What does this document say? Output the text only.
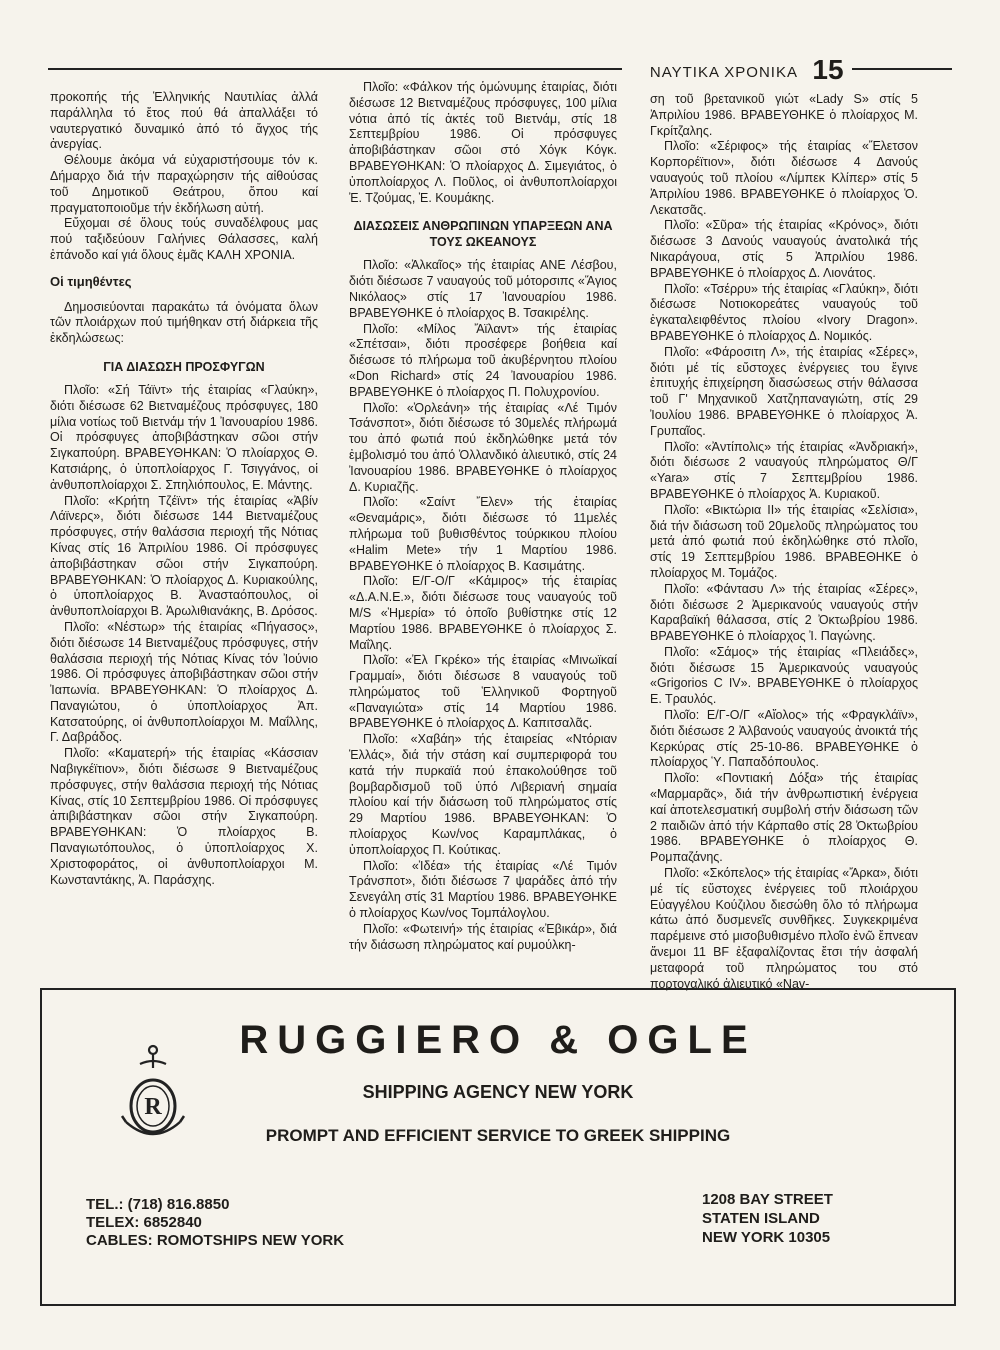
ΝΑΥΤΙΚΑ ΧΡΟΝΙΚΑ 15

προκοπής τής Ἑλληνικής Ναυτιλίας ἀλλά παράλληλα τό ἔτος πού θά ἀπαλλάξει τό ναυτεργατικό δυναμικό ἀπό τό ἄγχος τής ἀνεργίας.

Θέλουμε ἀκόμα νά εὐχαριστήσουμε τόν κ. Δήμαρχο διά τήν παραχώρησιν τής αἰθούσας τοῦ Δημοτικοῦ Θεάτρου, ὅπου καί πραγματοποιοῦμε τήν ἐκδήλωση αὐτή.

Εὔχομαι σέ ὅλους τούς συναδέλφους μας πού ταξιδεύουν Γαλήνιες Θάλασσες, καλή ἐπάνοδο καί γιά ὅλους ἐμᾶς ΚΑΛΗ ΧΡΟΝΙΑ.

Οἱ τιμηθέντες

Δημοσιεύονται παρακάτω τά ὀνόματα ὅλων τῶν πλοιάρχων πού τιμήθηκαν στή διάρκεια τῆς ἐκδηλώσεως:

ΓΙΑ ΔΙΑΣΩΣΗ ΠΡΟΣΦΥΓΩΝ

Πλοῖο: «Σή Τάϊντ» τής ἑταιρίας «Γλαύκη», διότι διέσωσε 62 Βιετναμέζους πρόσφυγες, 180 μίλια νοτίως τοῦ Βιετνάμ τήν 1 Ἰανουαρίου 1986. Οἱ πρόσφυγες ἀποβιβάστηκαν σῶοι στήν Σιγκαπούρη. ΒΡΑΒΕΥΘΗΚΑΝ: Ὁ πλοίαρχος Θ. Κατσιάρης, ὁ ὑποπλοίαρχος Γ. Τσιγγάνος, οἱ ἀνθυποπλοίαρχοι Σ. Σπηλιόπουλος, Ε. Μάντης.

Πλοῖο: «Κρήτη Τζέϊντ» τής ἑταιρίας «Ἀβίν Λάϊνερς», διότι διέσωσε 144 Βιετναμέζους πρόσφυγες, στήν θαλάσσια περιοχή τῆς Νότιας Κίνας στίς 16 Ἀπριλίου 1986. Οἱ πρόσφυγες ἀποβιβάστηκαν σῶοι στήν Σιγκαπούρη. ΒΡΑΒΕΥΘΗΚΑΝ: Ὁ πλοίαρχος Δ. Κυριακούλης, ὁ ὑποπλοίαρχος Β. Ἀνασταόπουλος, οἱ ἀνθυποπλοίαρχοι Β. Ἀρωλιθιανάκης, Β. Δρόσος.

Πλοῖο: «Νέστωρ» τής ἑταιρίας «Πήγασος», διότι διέσωσε 14 Βιετναμέζους πρόσφυγες, στήν θαλάσσια περιοχή τής Νότιας Κίνας τόν Ἰούνιο 1986. Οἱ πρόσφυγες ἀποβιβάστηκαν σῶοι στήν Ἰαπωνία. ΒΡΑΒΕΥΘΗΚΑΝ: Ὁ πλοίαρχος Δ. Παναγιώτου, ὁ ὑποπλοίαρχος Ἀπ. Κατσατούρης, οἱ ἀνθυποπλοίαρχοι Μ. Μαΐλλης, Γ. Δαβράδος.

Πλοῖο: «Καματερή» τής ἑταιρίας «Κάσσιαν Ναβιγκέϊτιον», διότι διέσωσε 9 Βιετναμέζους πρόσφυγες, στήν θαλάσσια περιοχή τής Νότιας Κίνας, στίς 10 Σεπτεμβρίου 1986. Οἱ πρόσφυγες ἀπιβιβάστηκαν σῶοι στήν Σιγκαπούρη. ΒΡΑΒΕΥΘΗΚΑΝ: Ὁ πλοίαρχος Β. Παναγιωτόπουλος, ὁ ὑποπλοίαρχος Χ. Χριστοφοράτος, οἱ ἀνθυποπλοίαρχοι Μ. Κωνσταντάκης, Ἀ. Παράσχης.

Πλοῖο: «Φάλκον τής ὁμώνυμης ἑταιρίας, διότι διέσωσε 12 Βιετναμέζους πρόσφυγες, 100 μίλια νότια ἀπό τίς ἀκτές τοῦ Βιετνάμ, στίς 18 Σεπτεμβρίου 1986. Οἱ πρόσφυγες ἀποβιβάστηκαν σῶοι στό Χόγκ Κόγκ. ΒΡΑΒΕΥΘΗΚΑΝ: Ὁ πλοίαρχος Δ. Σιμεγιάτος, ὁ ὑποπλοίαρχος Λ. Ποῦλος, οἱ ἀνθυποπλοίαρχοι Ἐ. Τζούμας, Ἐ. Κουμάκης.

ΔΙΑΣΩΣΕΙΣ ΑΝΘΡΩΠΙΝΩΝ ΥΠΑΡΞΕΩΝ ΑΝΑ ΤΟΥΣ ΩΚΕΑΝΟΥΣ

Πλοῖο: «Ἀλκαῖος» τής ἑταιρίας ΑΝΕ Λέσβου, διότι διέσωσε 7 ναυαγούς τοῦ μότορσιπς «Ἅγιος Νικόλαος» στίς 17 Ἰανουαρίου 1986. ΒΡΑΒΕΥΘΗΚΕ ὁ πλοίαρχος Β. Τσακιρέλης.

Πλοῖο: «Μίλος Ἄϊλαντ» τής ἑταιρίας «Σπέτσαι», διότι προσέφερε βοήθεια καί διέσωσε τό πλήρωμα τοῦ ἀκυβέρνητου πλοίου «Don Richard» στίς 24 Ἰανουαρίου 1986. ΒΡΑΒΕΥΘΗΚΕ ὁ πλοίαρχος Π. Πολυχρονίου.

Πλοῖο: «Ὀρλεάνη» τής ἑταιρίας «Λέ Τιμόν Τσάνσποτ», διότι διέσωσε τό 30μελές πλήρωμά του ἀπό φωτιά πού ἐκδηλώθηκε μετά τόν ἐμβολισμό του ἀπό Ὁλλανδικό ἁλιευτικό, στίς 24 Ἰανουαρίου 1986. ΒΡΑΒΕΥΘΗΚΕ ὁ πλοίαρχος Δ. Κυριαζῆς.

Πλοῖο: «Σαίντ Ἔλεν» τής ἑταιρίας «Θεναμάρις», διότι διέσωσε τό 11μελές πλήρωμα τοῦ βυθισθέντος τούρκικου πλοίου «Halim Mete» τήν 1 Μαρτίου 1986. ΒΡΑΒΕΥΘΗΚΕ ὁ πλοίαρχος Β. Κασιμάτης.

Πλοῖο: Ε/Γ-Ο/Γ «Κάμιρος» τής ἑταιρίας «Δ.Α.Ν.Ε.», διότι διέσωσε τους ναυαγούς τοῦ Μ/S «Ἡμερία» τό ὁποῖο βυθίστηκε στίς 12 Μαρτίου 1986. ΒΡΑΒΕΥΘΗΚΕ ὁ πλοίαρχος Σ. Μαΐλης.

Πλοῖο: «Ἐλ Γκρέκο» τής ἑταιρίας «Μινωϊκαί Γραμμαί», διότι διέσωσε 8 ναυαγούς τοῦ πληρώματος τοῦ Ἑλληνικοῦ Φορτηγοῦ «Παναγιώτα» στίς 14 Μαρτίου 1986. ΒΡΑΒΕΥΘΗΚΕ ὁ πλοίαρχος Δ. Καπιτσαλᾶς.

Πλοῖο: «Χαβάη» τής ἑταιρείας «Ντόριαν Ἑλλάς», διά τήν στάση καί συμπεριφορά του κατά τήν πυρκαϊά πού ἐπακολούθησε τοῦ βομβαρδισμοῦ τοῦ ὑπό Λιβεριανή σημαία πλοίου καί τήν διάσωση τοῦ πληρώματος στίς 29 Μαρτίου 1986. ΒΡΑΒΕΥΘΗΚΑΝ: Ὁ πλοίαρχος Κων/νος Καραμπλάκας, ὁ ὑποπλοίαρχος Π. Κούτικας.

Πλοῖο: «Ἰδέα» τής ἑταιρίας «Λέ Τιμόν Τράνσποτ», διότι διέσωσε 7 ψαράδες ἀπό τήν Σενεγάλη στίς 31 Μαρτίου 1986. ΒΡΑΒΕΥΘΗΚΕ ὁ πλοίαρχος Κων/νος Τομπάλογλου.

Πλοῖο: «Φωτεινή» τής ἑταιρίας «Ἐβικάρ», διά τήν διάσωση πληρώματος καί ρυμούλκη-

ση τοῦ βρετανικοῦ γιώτ «Lady S» στίς 5 Ἀπριλίου 1986. ΒΡΑΒΕΥΘΗΚΕ ὁ πλοίαρχος Μ. Γκρίτζαλης.

Πλοῖο: «Σέριφος» τής ἑταιρίας «Ἔλετσον Κορπορέϊτιον», διότι διέσωσε 4 Δανούς ναυαγούς τοῦ πλοίου «Λίμπεκ Κλίπερ» στίς 5 Ἀπριλίου 1986. ΒΡΑΒΕΥΘΗΚΕ ὁ πλοίαρχος Ὁ. Λεκατσᾶς.

Πλοῖο: «Σῦρα» τής ἑταιρίας «Κρόνος», διότι διέσωσε 3 Δανούς ναυαγούς ἀνατολικά τής Νικαράγουα, στίς 5 Ἀπριλίου 1986. ΒΡΑΒΕΥΘΗΚΕ ὁ πλοίαρχος Δ. Λιονάτος.

Πλοῖο: «Τσέρρυ» τής ἑταιρίας «Γλαύκη», διότι διέσωσε Νοτιοκορεάτες ναυαγούς τοῦ ἐγκαταλειφθέντος πλοίου «Ivory Dragon». ΒΡΑΒΕΥΘΗΚΕ ὁ πλοίαρχος Δ. Νομικός.

Πλοῖο: «Φάροσιτη Λ», τής ἑταιρίας «Σέρες», διότι μέ τίς εὔστοχες ἐνέργειες του ἔγινε ἐπιτυχής ἐπιχείρηση διασώσεως στήν θάλασσα τοῦ Γ' Μηχανικοῦ Χατζηπαναγιώτη, στίς 29 Ἰουλίου 1986. ΒΡΑΒΕΥΘΗΚΕ ὁ πλοίαρχος Ἀ. Γρυπαῖος.

Πλοῖο: «Ἀντίπολις» τής ἑταιρίας «Ἀνδριακή», διότι διέσωσε 2 ναυαγούς πληρώματος Θ/Γ «Yara» στίς 7 Σεπτεμβρίου 1986. ΒΡΑΒΕΥΘΗΚΕ ὁ πλοίαρχος Ἀ. Κυριακοῦ.

Πλοῖο: «Βικτώρια II» τής ἑταιρίας «Σελίσια», διά τήν διάσωση τοῦ 20μελοῦς πληρώματος του μετά ἀπό φωτιά πού ἐκδηλώθηκε στό πλοῖο, στίς 19 Σεπτεμβρίου 1986. ΒΡΑΒΕΘΗΚΕ ὁ πλοίαρχος Μ. Τομάζος.

Πλοῖο: «Φάντασυ Λ» τής ἑταιρίας «Σέρες», διότι διέσωσε 2 Ἀμερικανούς ναυαγούς στήν Καραβαϊκή θάλασσα, στίς 2 Ὀκτωβρίου 1986. ΒΡΑΒΕΥΘΗΚΕ ὁ πλοίαρχος Ἰ. Παγώνης.

Πλοῖο: «Σάμος» τής ἑταιρίας «Πλειάδες», διότι διέσωσε 15 Ἀμερικανούς ναυαγούς «Grigorios C IV». ΒΡΑΒΕΥΘΗΚΕ ὁ πλοίαρχος Ε. Τραυλός.

Πλοῖο: Ε/Γ-Ο/Γ «Αἴολος» τής «Φραγκλάϊν», διότι διέσωσε 2 Ἀλβανούς ναυαγούς ἀνοικτά τής Κερκύρας στίς 25-10-86. ΒΡΑΒΕΥΘΗΚΕ ὁ πλοίαρχος Ὑ. Παπαδόπουλος.

Πλοῖο: «Ποντιακή Δόξα» τής ἑταιρίας «Μαρμαρᾶς», διά τήν ἀνθρωπιστική ἐνέργεια καί ἀποτελεσματική συμβολή στήν διάσωση τῶν 2 παιδιῶν ἀπό τήν Κάρπαθο στίς 28 Ὀκτωβρίου 1986. ΒΡΑΒΕΥΘΗΚΕ ὁ πλοίαρχος Θ. Ρομπαζάνης.

Πλοῖο: «Σκόπελος» τής ἑταιρίας «Ἄρκα», διότι μέ τίς εὔστοχες ἐνέργειες τοῦ πλοιάρχου Εὐαγγέλου Κούζιλου διεσώθη ὅλο τό πλήρωμα κάτω ἀπό δυσμενεῖς συνθῆκες. Συγκεκριμένα παρέμεινε στό μισοβυθισμένο πλοῖο ἐνῶ ἔπνεαν ἄνεμοι 11 BF ἐξαφαλίζοντας ἔτσι τήν ἀσφαλή μεταφορά τοῦ πληρώματος του στό πορτογαλικό ἀλιευτικό «Nav-

R
RUGGIERO & OGLE
SHIPPING AGENCY NEW YORK
PROMPT AND EFFICIENT SERVICE TO GREEK SHIPPING
TEL.: (718) 816.8850
TELEX: 6852840
CABLES: ROMOTSHIPS NEW YORK
1208 BAY STREET
STATEN ISLAND
NEW YORK 10305
